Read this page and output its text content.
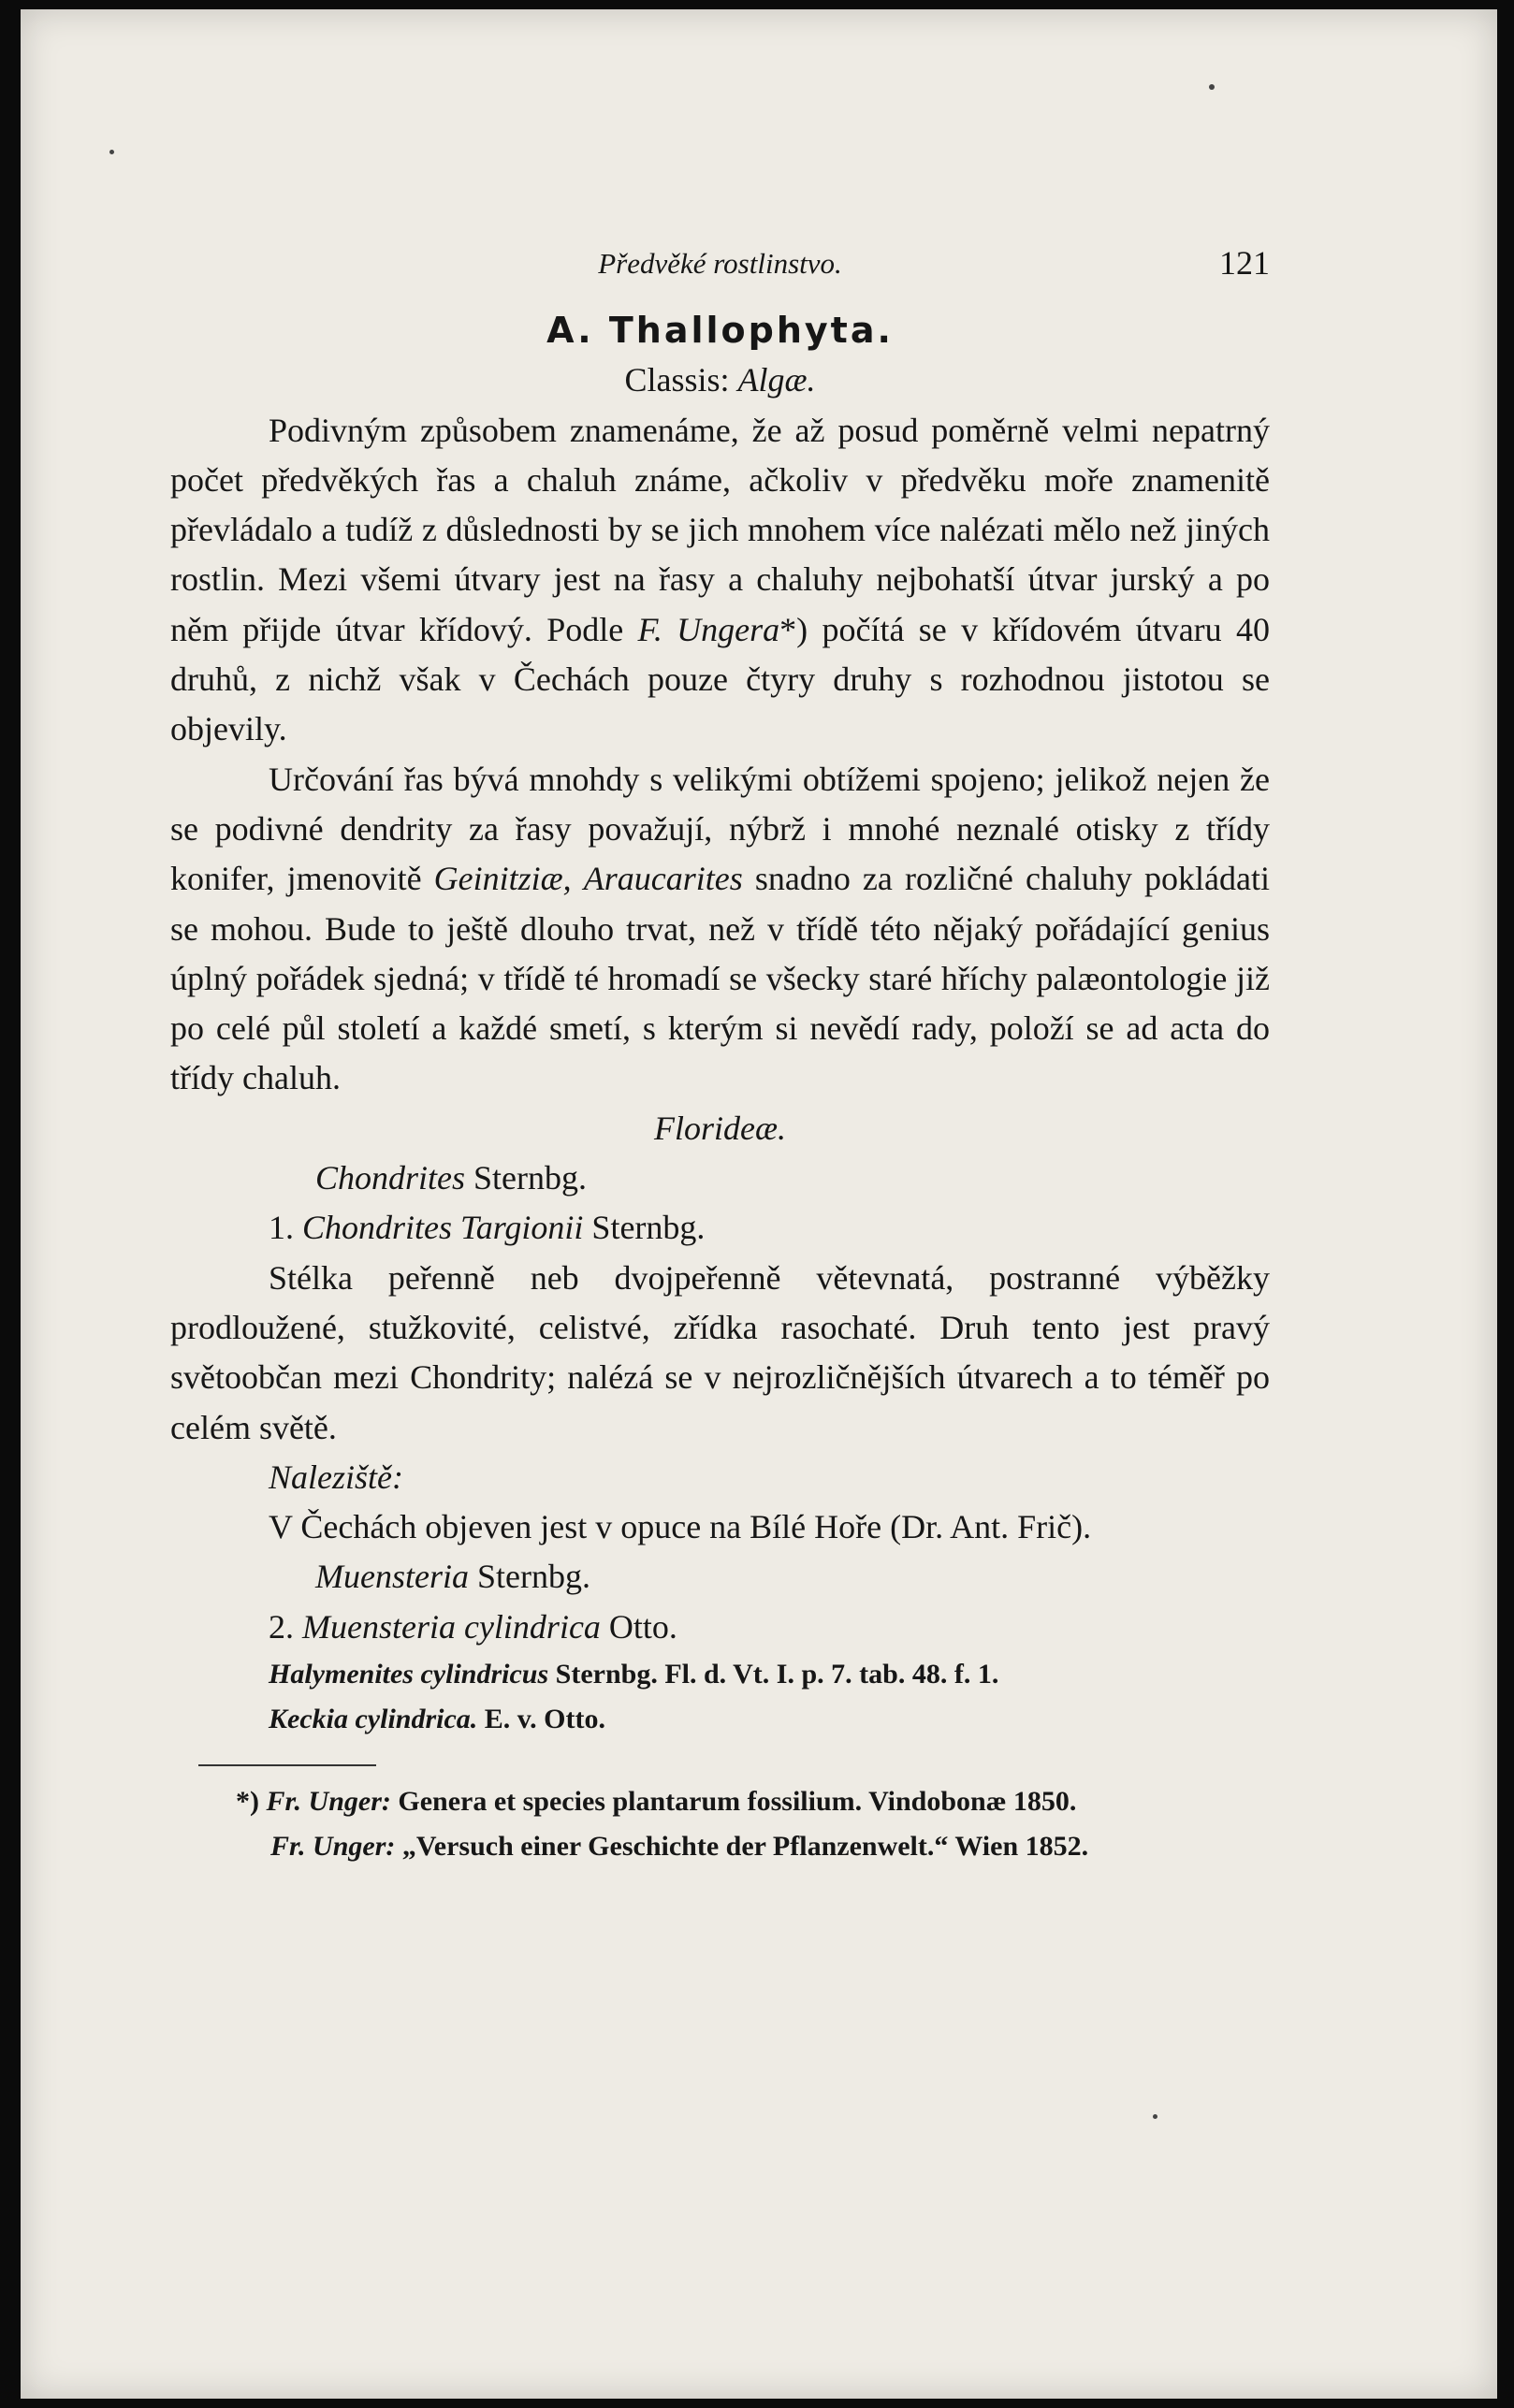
Předvěké rostlinstvo.	121
A. Thallophyta.
Classis: Algæ.

Podivným způsobem znamenáme, že až posud poměrně velmi nepatrný počet předvěkých řas a chaluh známe, ačkoliv v předvěku moře znamenitě převládalo a tudíž z důslednosti by se jich mnohem více nalézati mělo než jiných rostlin. Mezi všemi útvary jest na řasy a chaluhy nejbohatší útvar jurský a po něm přijde útvar křídový. Podle F. Ungera*) počítá se v křídovém útvaru 40 druhů, z nichž však v Čechách pouze čtyry druhy s rozhodnou jistotou se objevily.

Určování řas bývá mnohdy s velikými obtížemi spojeno; jelikož nejen že se podivné dendrity za řasy považují, nýbrž i mnohé neznalé otisky z třídy konifer, jmenovitě Geinitziæ, Araucarites snadno za rozličné chaluhy pokládati se mohou. Bude to ještě dlouho trvat, než v třídě této nějaký pořádající genius úplný pořádek sjedná; v třídě té hromadí se všecky staré hříchy palæontologie již po celé půl století a každé smetí, s kterým si nevědí rady, položí se ad acta do třídy chaluh.

Florideæ.
Chondrites Sternbg.
1. Chondrites Targionii Sternbg.

Stélka peřenně neb dvojpeřenně větevnatá, postranné výběžky prodloužené, stužkovité, celistvé, zřídka rasochaté. Druh tento jest pravý světoobčan mezi Chondrity; nalézá se v nejrozličnějších útvarech a to téměř po celém světě.

Naleziště:

V Čechách objeven jest v opuce na Bílé Hoře (Dr. Ant. Frič).

Muensteria Sternbg.
2. Muensteria cylindrica Otto.
Halymenites cylindricus Sternbg. Fl. d. Vt. I. p. 7. tab. 48. f. 1.
Keckia cylindrica. E. v. Otto.
*) Fr. Unger: Genera et species plantarum fossilium. Vindobonæ 1850.
Fr. Unger: „Versuch einer Geschichte der Pflanzenwelt.“ Wien 1852.
